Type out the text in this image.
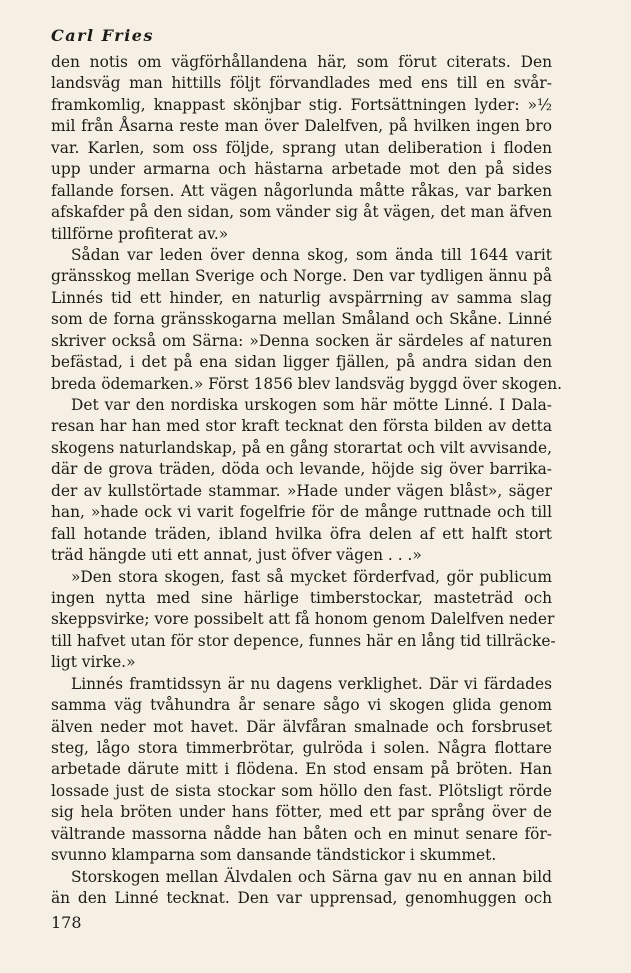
Carl Fries
den notis om vägförhållandena här, som förut citerats. Den
landsväg man hittills följt förvandlades med ens till en svår-
framkomlig, knappast skönjbar stig. Fortsättningen lyder: »½
mil från Åsarna reste man över Dalelfven, på hvilken ingen bro
var. Karlen, som oss följde, sprang utan deliberation i floden
upp under armarna och hästarna arbetade mot den på sides
fallande forsen. Att vägen någorlunda måtte råkas, var barken
afskafder på den sidan, som vänder sig åt vägen, det man äfven
tillförne profiterat av.»
Sådan var leden över denna skog, som ända till 1644 varit
gränsskog mellan Sverige och Norge. Den var tydligen ännu på
Linnés tid ett hinder, en naturlig avspärrning av samma slag
som de forna gränsskogarna mellan Småland och Skåne. Linné
skriver också om Särna: »Denna socken är särdeles af naturen
befästad, i det på ena sidan ligger fjällen, på andra sidan den
breda ödemarken.» Först 1856 blev landsväg byggd över skogen.
Det var den nordiska urskogen som här mötte Linné. I Dala-
resan har han med stor kraft tecknat den första bilden av detta
skogens naturlandskap, på en gång storartat och vilt avvisande,
där de grova träden, döda och levande, höjde sig över barrika-
der av kullstörtade stammar. »Hade under vägen blåst», säger
han, »hade ock vi varit fogelfrie för de månge ruttnade och till
fall hotande träden, ibland hvilka öfra delen af ett halft stort
träd hängde uti ett annat, just öfver vägen . . .»
»Den stora skogen, fast så mycket förderfvad, gör publicum
ingen nytta med sine härlige timberstockar, masteträd och
skeppsvirke; vore possibelt att få honom genom Dalelfven neder
till hafvet utan för stor depence, funnes här en lång tid tillräcke-
ligt virke.»
Linnés framtidssyn är nu dagens verklighet. Där vi färdades
samma väg tvåhundra år senare sågo vi skogen glida genom
älven neder mot havet. Där älvfåran smalnade och forsbruset
steg, lågo stora timmerbrötar, gulröda i solen. Några flottare
arbetade därute mitt i flödena. En stod ensam på bröten. Han
lossade just de sista stockar som höllo den fast. Plötsligt rörde
sig hela bröten under hans fötter, med ett par språng över de
vältrande massorna nådde han båten och en minut senare för-
svunno klamparna som dansande tändstickor i skummet.
Storskogen mellan Älvdalen och Särna gav nu en annan bild
än den Linné tecknat. Den var upprensad, genomhuggen och
178
